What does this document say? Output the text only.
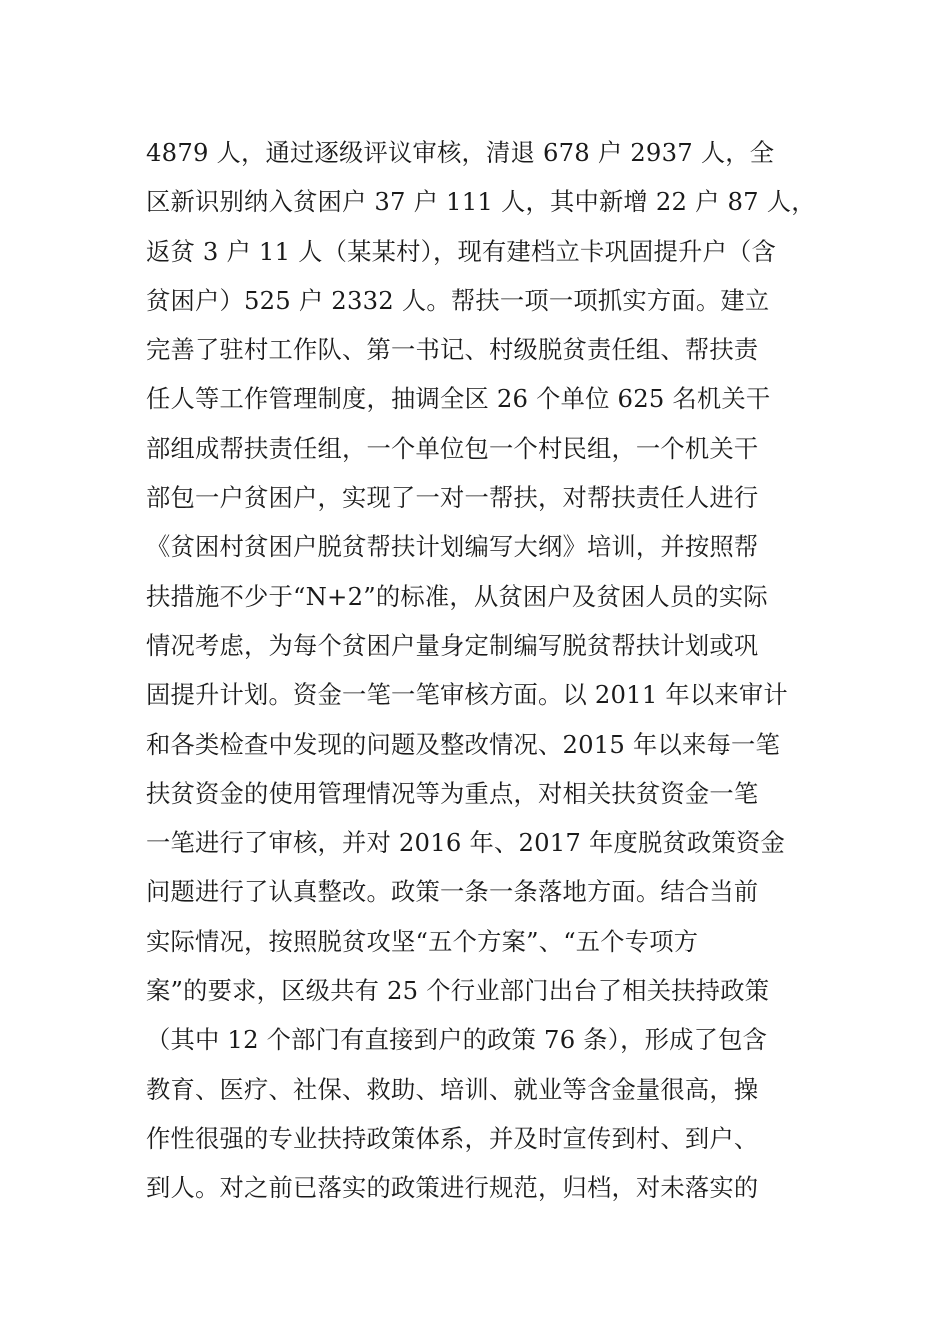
4879 人，通过逐级评议审核，清退 678 户 2937 人，全
区新识别纳入贫困户 37 户 111 人，其中新增 22 户 87 人，
返贫 3 户 11 人（某某村），现有建档立卡巩固提升户（含
贫困户）525 户 2332 人。帮扶一项一项抓实方面。建立
完善了驻村工作队、第一书记、村级脱贫责任组、帮扶责
任人等工作管理制度，抽调全区 26 个单位 625 名机关干
部组成帮扶责任组，一个单位包一个村民组，一个机关干
部包一户贫困户，实现了一对一帮扶，对帮扶责任人进行
《贫困村贫困户脱贫帮扶计划编写大纲》培训，并按照帮
扶措施不少于“N+2”的标准，从贫困户及贫困人员的实际
情况考虑，为每个贫困户量身定制编写脱贫帮扶计划或巩
固提升计划。资金一笔一笔审核方面。以 2011 年以来审计
和各类检查中发现的问题及整改情况、2015 年以来每一笔
扶贫资金的使用管理情况等为重点，对相关扶贫资金一笔
一笔进行了审核，并对 2016 年、2017 年度脱贫政策资金
问题进行了认真整改。政策一条一条落地方面。结合当前
实际情况，按照脱贫攻坚“五个方案”、“五个专项方
案”的要求，区级共有 25 个行业部门出台了相关扶持政策
（其中 12 个部门有直接到户的政策 76 条），形成了包含
教育、医疗、社保、救助、培训、就业等含金量很高，操
作性很强的专业扶持政策体系，并及时宣传到村、到户、
到人。对之前已落实的政策进行规范，归档，对未落实的
